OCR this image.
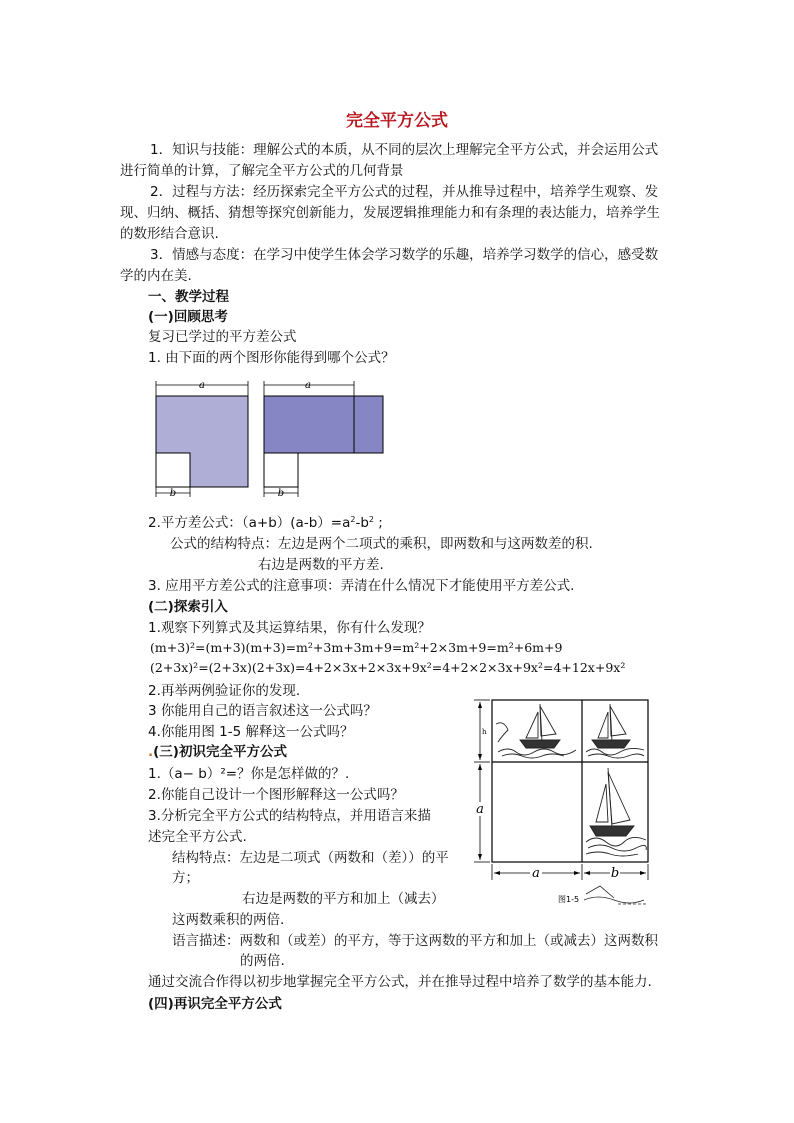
完全平方公式
1．知识与技能：理解公式的本质，从不同的层次上理解完全平方公式，并会运用公式
进行简单的计算，了解完全平方公式的几何背景
2．过程与方法：经历探索完全平方公式的过程，并从推导过程中，培养学生观察、发
现、归纳、概括、猜想等探究创新能力，发展逻辑推理能力和有条理的表达能力，培养学生
的数形结合意识.
3．情感与态度：在学习中使学生体会学习数学的乐趣，培养学习数学的信心，感受数
学的内在美.
一、教学过程
(一)回顾思考
复习已学过的平方差公式
1. 由下面的两个图形你能得到哪个公式？
a
b
a
b
2.平方差公式：$(a+b)(a-b)=a^2-b^2$ ;
公式的结构特点：左边是两个二项式的乘积，即两数和与这两数差的积.
右边是两数的平方差.
3. 应用平方差公式的注意事项：弄清在什么情况下才能使用平方差公式.
(二)探索引入
1.观察下列算式及其运算结果，你有什么发现？
(m+3)²=(m+3)(m+3)=m²+3m+3m+9=m²+2×3m+9=m²+6m+9
(2+3x)²=(2+3x)(2+3x)=4+2×3x+2×3x+9x²=4+2×2×3x+9x²=4+12x+9x²
2.再举两例验证你的发现.
3 你能用自己的语言叙述这一公式吗？
4.你能用图 1-5 解释这一公式吗？
.(三)初识完全平方公式
1.（a− b）²=？你是怎样做的？.
2.你能自己设计一个图形解释这一公式吗？
3.分析完全平方公式的结构特点，并用语言来描
述完全平方公式.
结构特点：左边是二项式（两数和（差））的平
方；
右边是两数的平方和加上（减去）
这两数乘积的两倍.
语言描述：两数和（或差）的平方，等于这两数的平方和加上（或减去）这两数积
的两倍.
通过交流合作得以初步地掌握完全平方公式，并在推导过程中培养了数学的基本能力.
(四)再识完全平方公式
h
a
a	b
图1-5
